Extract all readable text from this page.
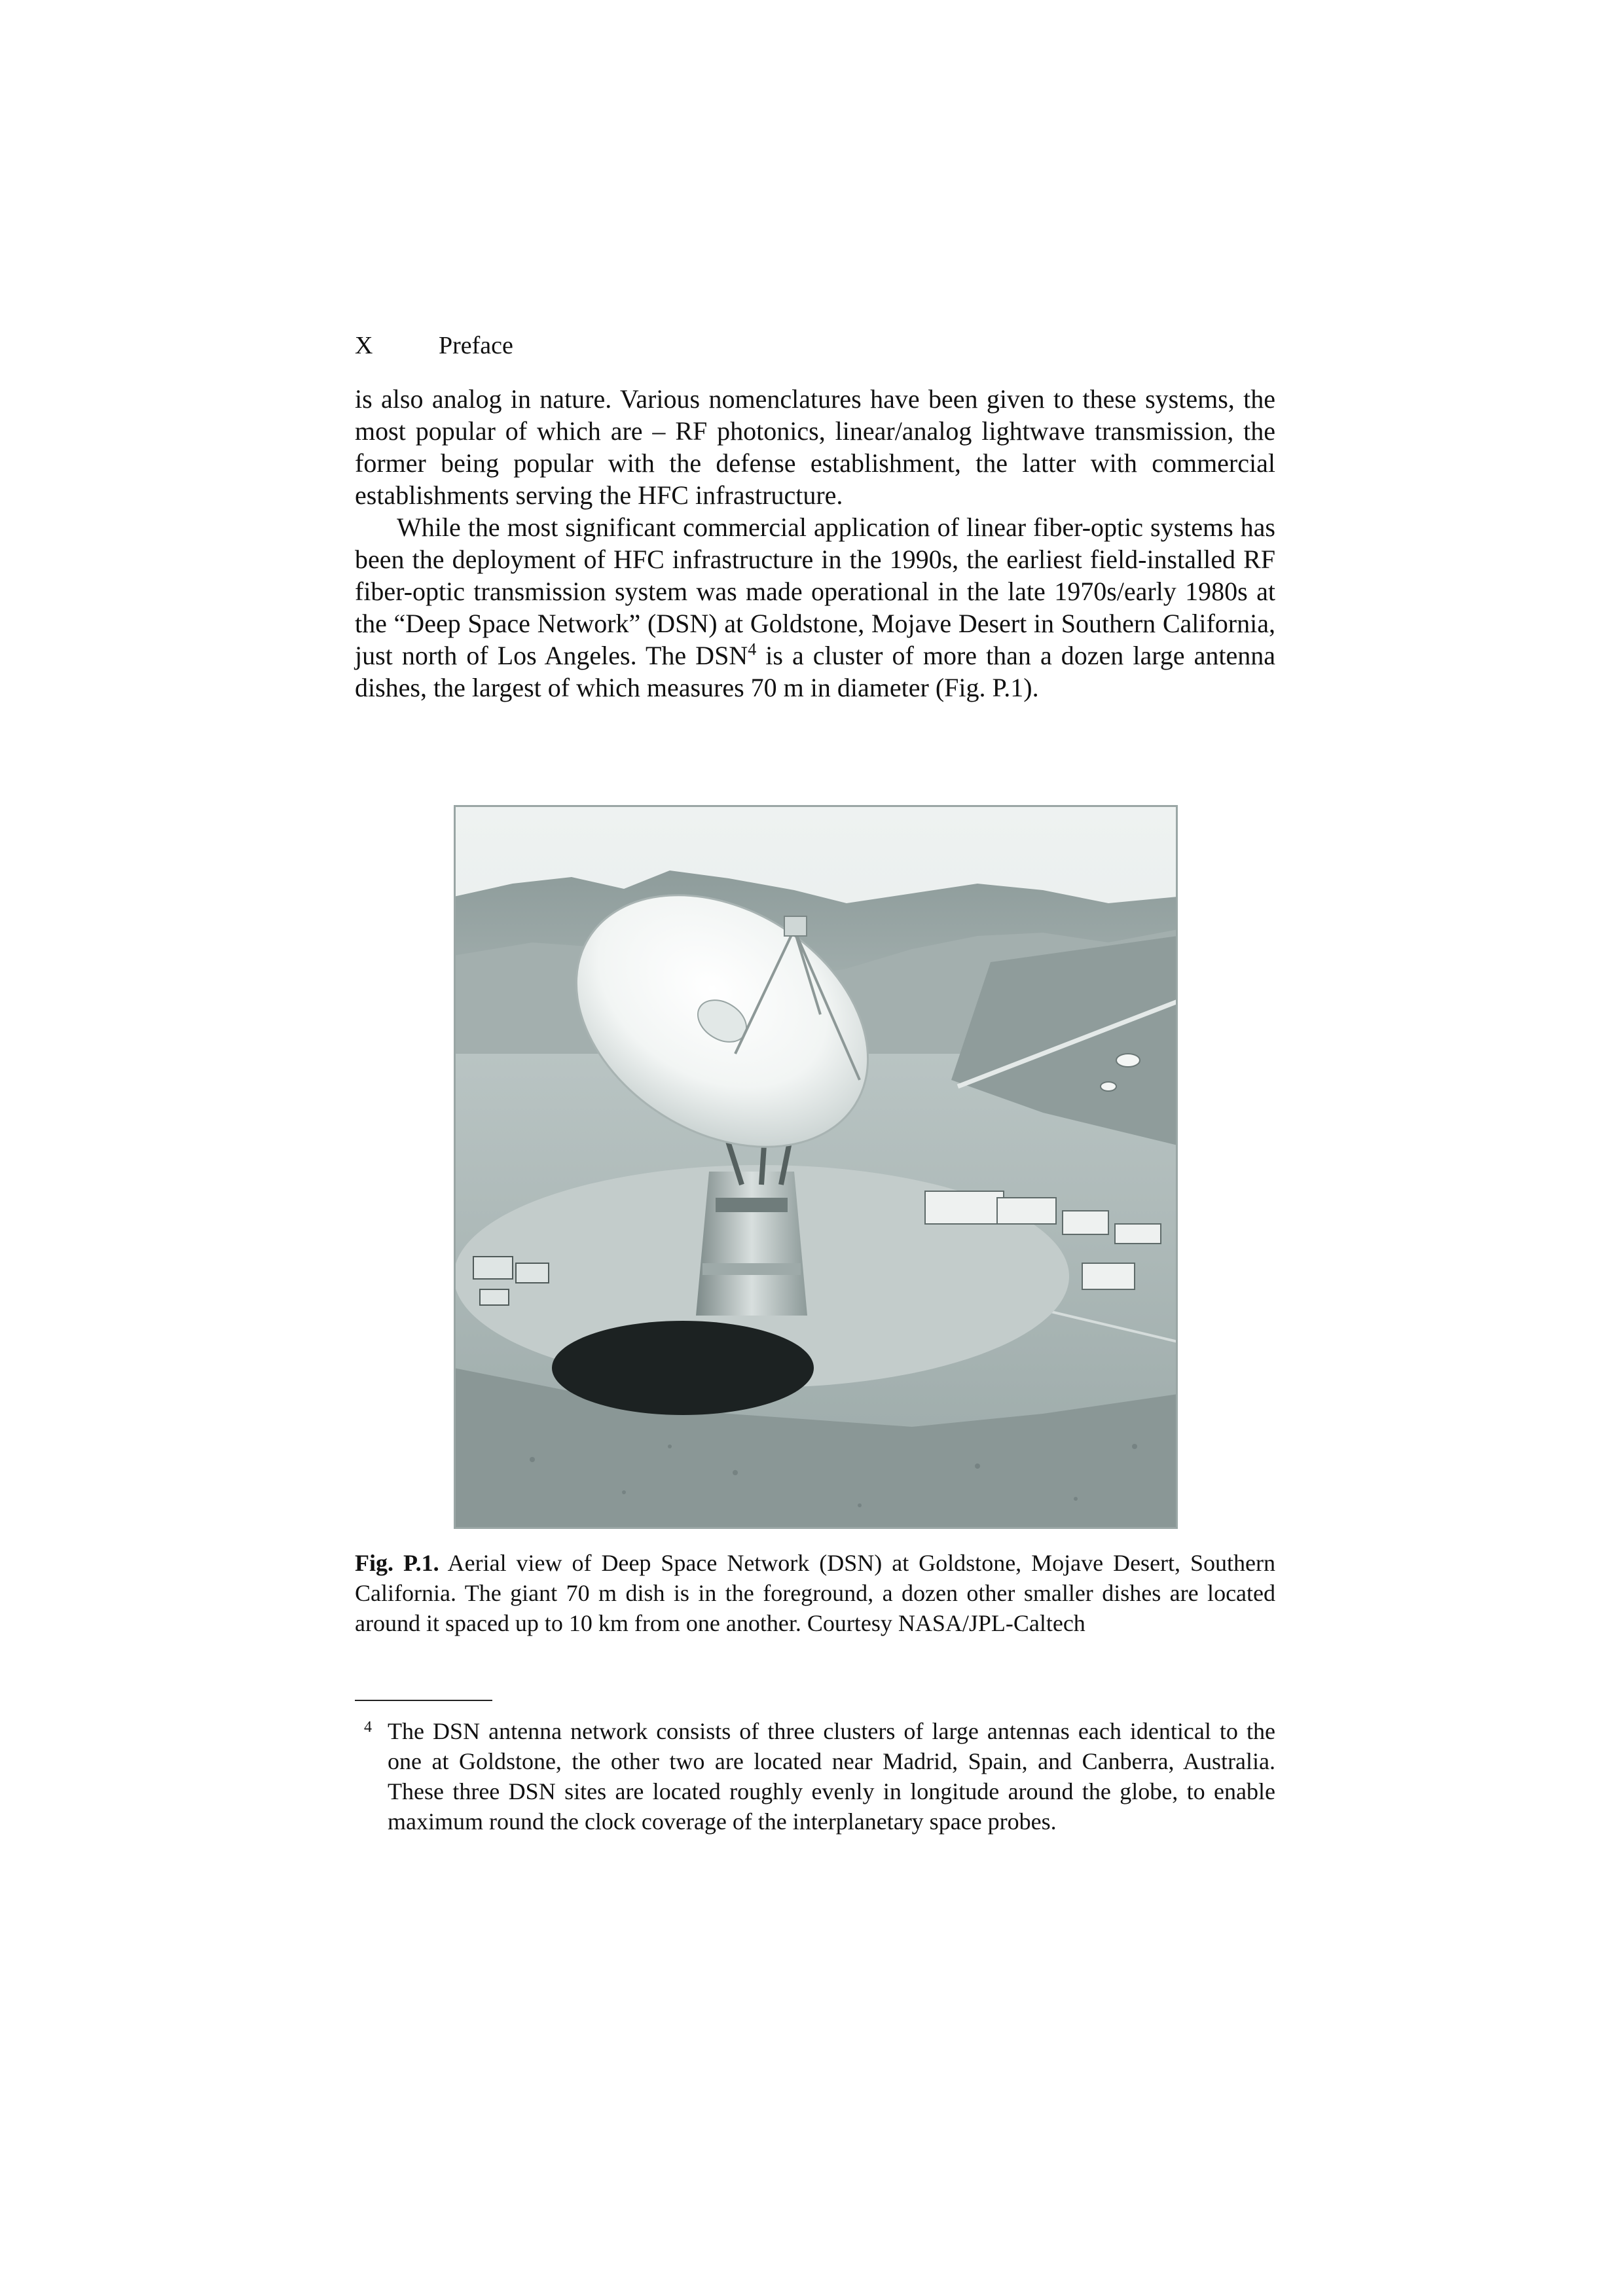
X	Preface

is also analog in nature. Various nomenclatures have been given to these systems, the most popular of which are – RF photonics, linear/analog lightwave transmission, the former being popular with the defense establishment, the latter with commercial establishments serving the HFC infrastructure.

While the most significant commercial application of linear fiber-optic systems has been the deployment of HFC infrastructure in the 1990s, the earliest field-installed RF fiber-optic transmission system was made operational in the late 1970s/early 1980s at the “Deep Space Network” (DSN) at Goldstone, Mojave Desert in Southern California, just north of Los Angeles. The DSN$^4$ is a cluster of more than a dozen large antenna dishes, the largest of which measures 70 m in diameter (Fig. P.1).

Fig. P.1. Aerial view of Deep Space Network (DSN) at Goldstone, Mojave Desert, Southern California. The giant 70 m dish is in the foreground, a dozen other smaller dishes are located around it spaced up to 10 km from one another. Courtesy NASA/JPL-Caltech
4 The DSN antenna network consists of three clusters of large antennas each identical to the one at Goldstone, the other two are located near Madrid, Spain, and Canberra, Australia. These three DSN sites are located roughly evenly in longitude around the globe, to enable maximum round the clock coverage of the interplanetary space probes.
